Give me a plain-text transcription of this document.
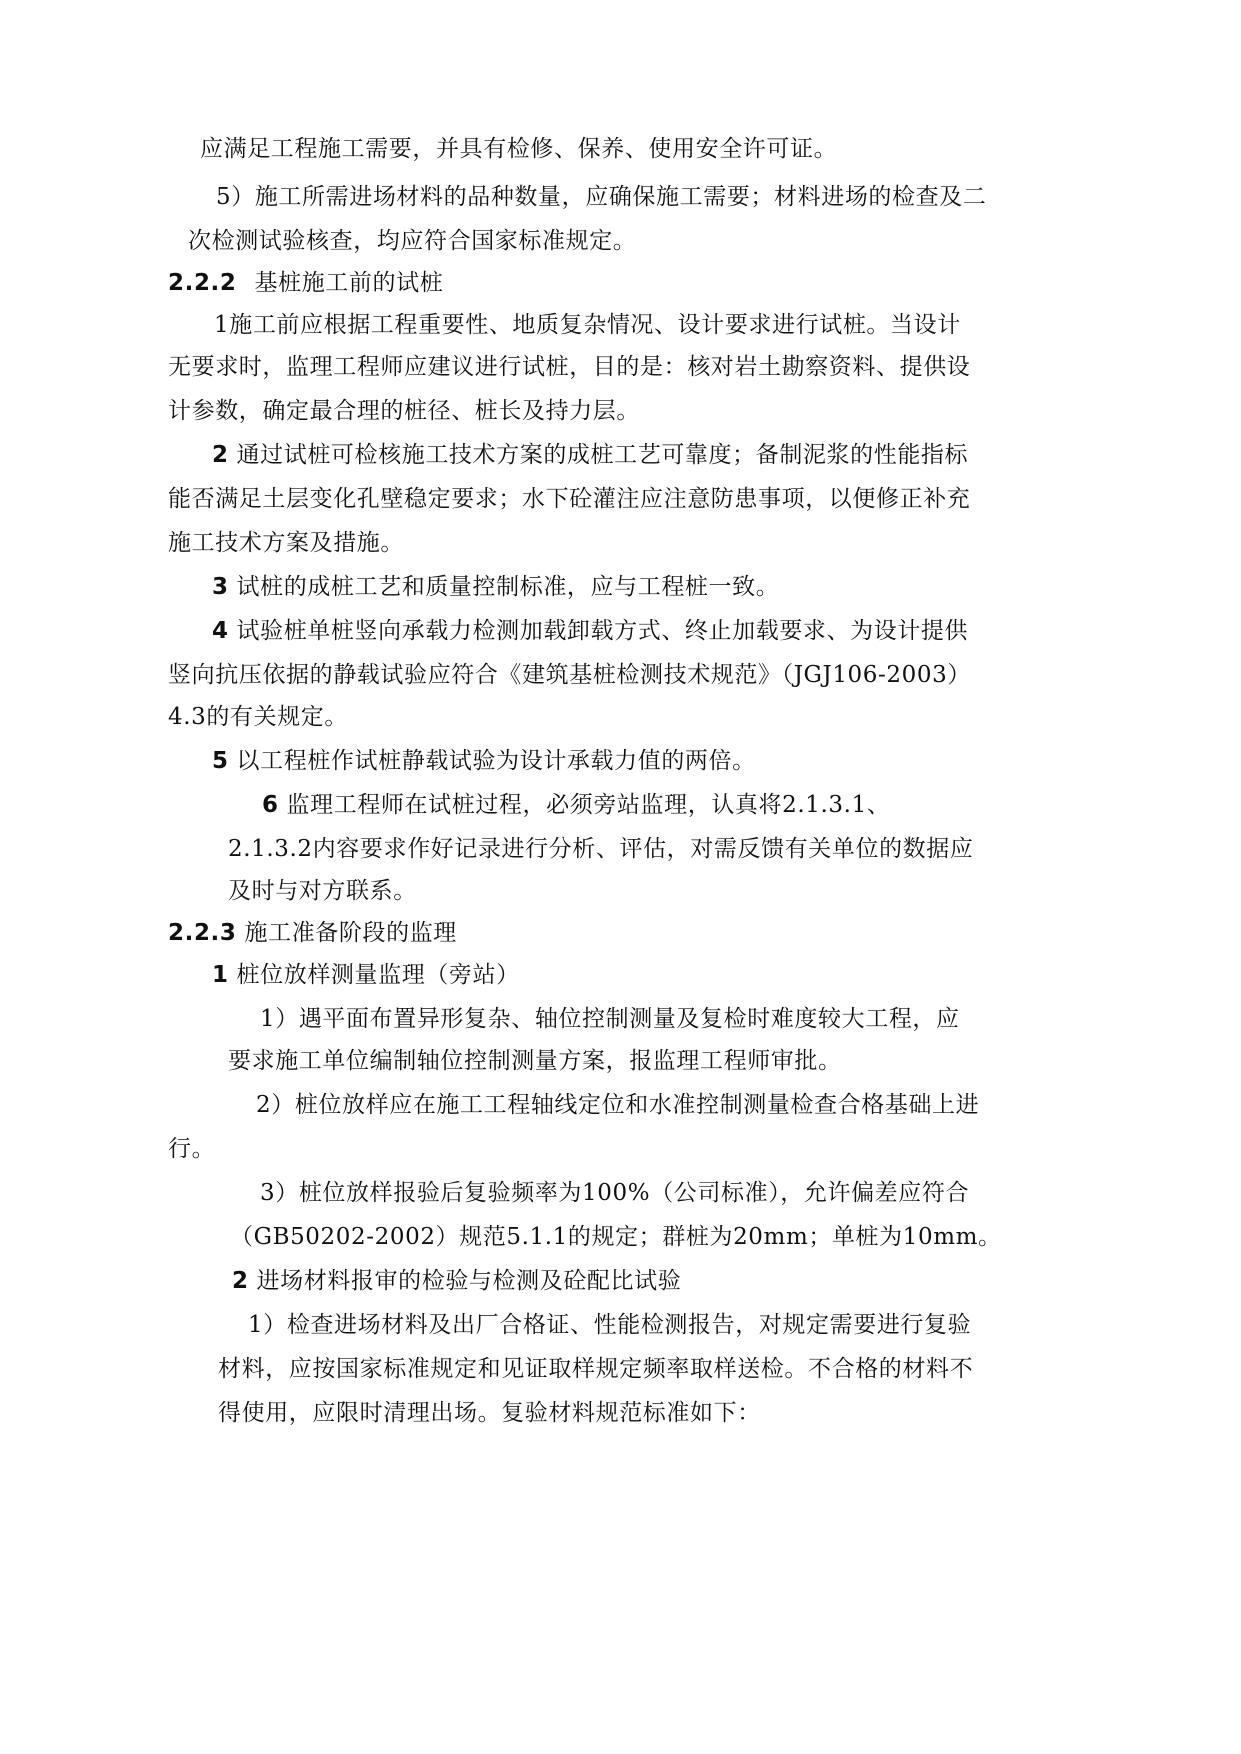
应满足工程施工需要，并具有检修、保养、使用安全许可证。
5）施工所需进场材料的品种数量，应确保施工需要；材料进场的检查及二
次检测试验核查，均应符合国家标准规定。
2.2.2 基桩施工前的试桩
1施工前应根据工程重要性、地质复杂情况、设计要求进行试桩。当设计
无要求时，监理工程师应建议进行试桩，目的是：核对岩土勘察资料、提供设
计参数，确定最合理的桩径、桩长及持力层。
2 通过试桩可检核施工技术方案的成桩工艺可靠度；备制泥浆的性能指标
能否满足土层变化孔壁稳定要求；水下砼灌注应注意防患事项，以便修正补充
施工技术方案及措施。
3 试桩的成桩工艺和质量控制标准，应与工程桩一致。
4 试验桩单桩竖向承载力检测加载卸载方式、终止加载要求、为设计提供
竖向抗压依据的静载试验应符合《建筑基桩检测技术规范》（JGJ106-2003）
4.3的有关规定。
5 以工程桩作试桩静载试验为设计承载力值的两倍。
6 监理工程师在试桩过程，必须旁站监理，认真将2.1.3.1、
2.1.3.2内容要求作好记录进行分析、评估，对需反馈有关单位的数据应
及时与对方联系。
2.2.3 施工准备阶段的监理
1 桩位放样测量监理（旁站）
1）遇平面布置异形复杂、轴位控制测量及复检时难度较大工程，应
要求施工单位编制轴位控制测量方案，报监理工程师审批。
2）桩位放样应在施工工程轴线定位和水准控制测量检查合格基础上进
行。
3）桩位放样报验后复验频率为100%（公司标准），允许偏差应符合
（GB50202-2002）规范5.1.1的规定；群桩为20mm；单桩为10mm。
2 进场材料报审的检验与检测及砼配比试验
1）检查进场材料及出厂合格证、性能检测报告，对规定需要进行复验
材料，应按国家标准规定和见证取样规定频率取样送检。不合格的材料不
得使用，应限时清理出场。复验材料规范标准如下：
